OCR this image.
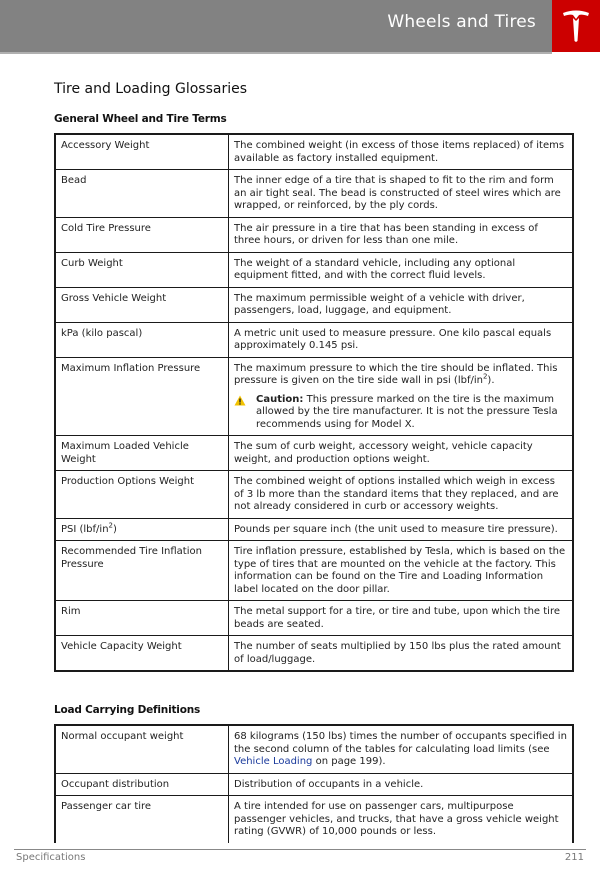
Wheels and Tires
Tire and Loading Glossaries
General Wheel and Tire Terms
Accessory Weight	The combined weight (in excess of those items replaced) of items available as factory installed equipment.
Bead	The inner edge of a tire that is shaped to fit to the rim and form an air tight seal. The bead is constructed of steel wires which are wrapped, or reinforced, by the ply cords.
Cold Tire Pressure	The air pressure in a tire that has been standing in excess of three hours, or driven for less than one mile.
Curb Weight	The weight of a standard vehicle, including any optional equipment fitted, and with the correct fluid levels.
Gross Vehicle Weight	The maximum permissible weight of a vehicle with driver, passengers, load, luggage, and equipment.
kPa (kilo pascal)	A metric unit used to measure pressure. One kilo pascal equals approximately 0.145 psi.
Maximum Inflation Pressure	The maximum pressure to which the tire should be inflated. This pressure is given on the tire side wall in psi $(lbf/in^2)$.
Caution: This pressure marked on the tire is the maximum allowed by the tire manufacturer. It is not the pressure Tesla recommends using for Model X.

Maximum Loaded Vehicle Weight	The sum of curb weight, accessory weight, vehicle capacity weight, and production options weight.
Production Options Weight	The combined weight of options installed which weigh in excess of 3 lb more than the standard items that they replaced, and are not already considered in curb or accessory weights.
PSI $(lbf/in^2)$	Pounds per square inch (the unit used to measure tire pressure).
Recommended Tire Inflation Pressure	Tire inflation pressure, established by Tesla, which is based on the type of tires that are mounted on the vehicle at the factory. This information can be found on the Tire and Loading Information label located on the door pillar.
Rim	The metal support for a tire, or tire and tube, upon which the tire beads are seated.
Vehicle Capacity Weight	The number of seats multiplied by 150 lbs plus the rated amount of load/luggage.
Load Carrying Definitions
Normal occupant weight	68 kilograms (150 lbs) times the number of occupants specified in the second column of the tables for calculating load limits (see Vehicle Loading on page 199).
Occupant distribution	Distribution of occupants in a vehicle.
Passenger car tire	A tire intended for use on passenger cars, multipurpose passenger vehicles, and trucks, that have a gross vehicle weight rating (GVWR) of 10,000 pounds or less.
Specifications	211
